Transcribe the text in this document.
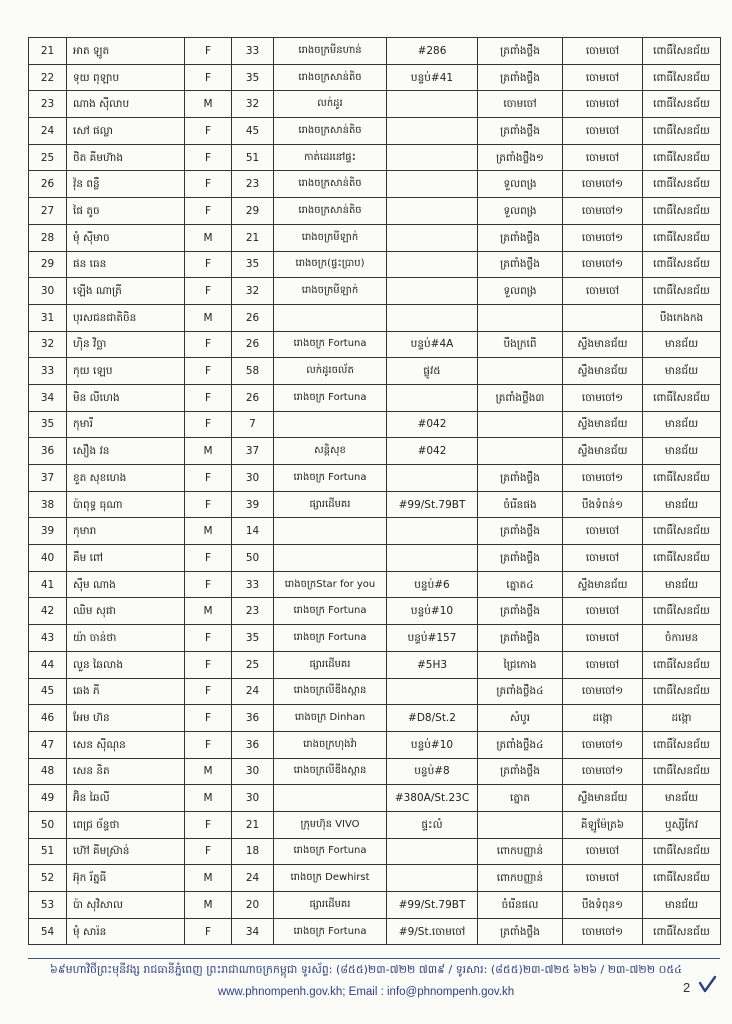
21	អាត ឡូត	F	33	រោងចក្រមីនហាន់	#286	ត្រពាំងថ្លឹង	ចោមចៅ	ពោធិ៍សែនជ័យ
22	ទុយ ពុឡាប	F	35	រោងចក្រសាន់តិច	បន្ទប់#41	ត្រពាំងថ្លឹង	ចោមចៅ	ពោធិ៍សែនជ័យ
23	ណាង ស៊ីលាប	M	32	លក់ដូរ		ចោមចៅ	ចោមចៅ	ពោធិ៍សែនជ័យ
24	សៅ ផល្លា	F	45	រោងចក្រសាន់តិច		ត្រពាំងថ្លឹង	ចោមចៅ	ពោធិ៍សែនជ័យ
25	ថិត គីមហ៊ាង	F	51	កាត់ដេរនៅផ្ទះ		ត្រពាំងថ្លឹង១	ចោមចៅ	ពោធិ៍សែនជ័យ
26	វ៉ុន ពន្លឺ	F	23	រោងចក្រសាន់តិច		ទួលពង្រ	ចោមចៅ១	ពោធិ៍សែនជ័យ
27	ផៃ តូច	F	29	រោងចក្រសាន់តិច		ទួលពង្រ	ចោមចៅ១	ពោធិ៍សែនជ័យ
28	មុំ ស៊ីមាច	M	21	រោងចក្រមីឡាក់		ត្រពាំងថ្លឹង	ចោមចៅ១	ពោធិ៍សែនជ័យ
29	ផន ធេន	F	35	រោងចក្រ(ផ្ទះប្រាប)		ត្រពាំងថ្លឹង	ចោមចៅ១	ពោធិ៍សែនជ័យ
30	ឡើង ណាត្រី	F	32	រោងចក្រមីឡាក់		ទួលពង្រ	ចោមចៅ	ពោធិ៍សែនជ័យ
31	បុរសជនជាតិចិន	M	26					បឹងកេងកង
32	ហ៊ិន វិច្ឆា	F	26	រោងចក្រ Fortuna	បន្ទប់#4A	បឹងក្រពើ	ស្ទឹងមានជ័យ	មានជ័យ
33	កុយ ឡេប	F	58	លក់ដូរចល័ត	ផ្លូវ៥		ស្ទឹងមានជ័យ	មានជ័យ
34	មិន លីហេង	F	26	រោងចក្រ Fortuna		ត្រពាំងថ្លឹង៣	ចោមចៅ១	ពោធិ៍សែនជ័យ
35	កុមារី	F	7		#042		ស្ទឹងមានជ័យ	មានជ័យ
36	សឿង វន	M	37	សន្តិសុខ	#042		ស្ទឹងមានជ័យ	មានជ័យ
37	ខួត សុខហេង	F	30	រោងចក្រ Fortuna		ត្រពាំងថ្លឹង	ចោមចៅ១	ពោធិ៍សែនជ័យ
38	ប៉ាពុទ្ធ ធុណា	F	39	ផ្សារដើមគរ	#99/St.79BT	ចំរើនផង	បឹងទំពន់១	មានជ័យ
39	កុមារា	M	14			ត្រពាំងថ្លឹង	ចោមចៅ	ពោធិ៍សែនជ័យ
40	គឹម ពៅ	F	50			ត្រពាំងថ្លឹង	ចោមចៅ	ពោធិ៍សែនជ័យ
41	ស៊ឹម ណាង	F	33	រោងចក្រStar for you	បន្ទប់#6	ត្នោត៤	ស្ទឹងមានជ័យ	មានជ័យ
42	ឈិម សុផា	M	23	រោងចក្រ Fortuna	បន្ទប់#10	ត្រពាំងថ្លឹង	ចោមចៅ	ពោធិ៍សែនជ័យ
43	យ៉ា ចាន់ថា	F	35	រោងចក្រ Fortuna	បន្ទប់#157	ត្រពាំងថ្លឹង	ចោមចៅ	ចំការមន
44	លួន ឆៃលាង	F	25	ផ្សារដើមគរ	#5H3	ជ្រៃកោង	ចោមចៅ	ពោធិ៍សែនជ័យ
45	ឆេង ភី	F	24	រោងចក្រលីឌីងស្ពាន		ត្រពាំងថ្លឹង៤	ចោមចៅ១	ពោធិ៍សែនជ័យ
46	អែម ហ៊ន	F	36	រោងចក្រ Dinhan	#D8/St.2	សំបូរ	ដង្កោ	ដង្កោ
47	សេន ស៊ីណុន	F	36	រោងចក្រហុងវ៉ា	បន្ទប់#10	ត្រពាំងថ្លឹង៤	ចោមចៅ១	ពោធិ៍សែនជ័យ
48	សេន និត	M	30	រោងចក្រលីឌីងស្ពាន	បន្ទប់#8	ត្រពាំងថ្លឹង	ចោមចៅ១	ពោធិ៍សែនជ័យ
49	អ៊ិន ឆៃលី	M	30		#380A/St.23C	ត្នោត	ស្ទឹងមានជ័យ	មានជ័យ
50	ពេជ្រ ច័ន្ទថា	F	21	ក្រុមហ៊ុន VIVO	ផ្ទះលំ		គីឡូម៉ែត្រ៦	ឬស្សីកែវ
51	ហ៊ៅ គីមស្រ៊ាន់	F	18	រោងចក្រ Fortuna		ពោកបញ្ញាន់	ចោមចៅ	ពោធិ៍សែនជ័យ
52	អ៊ុក រ័ត្នធី	M	24	រោងចក្រ Dewhirst		ពោកបញ្ញាន់	ចោមចៅ	ពោធិ៍សែនជ័យ
53	ប៉ា សុវិសាល	M	20	ផ្សារដើមគរ	#99/St.79BT	ចំរើនផល	បឹងទំពុន១	មានជ័យ
54	មុំ សារ៉ន	F	34	រោងចក្រ Fortuna	#9/St.ចោមចៅ	ត្រពាំងថ្លឹង	ចោមចៅ១	ពោធិ៍សែនជ័យ
៦៩មហាវិថីព្រះមុនីវង្ស រាជធានីភ្នំពេញ ព្រះរាជាណាចក្រកម្ពុជា ទូរស័ព្ទ: (៨៥៥)២៣-៧២២ ៧៣៩ / ទូរសារ: (៨៥៥)២៣-៧២៥ ៦២៦ / ២៣-៧២២ ០៥៤
www.phnompenh.gov.kh; Email : info@phnompenh.gov.kh	2
